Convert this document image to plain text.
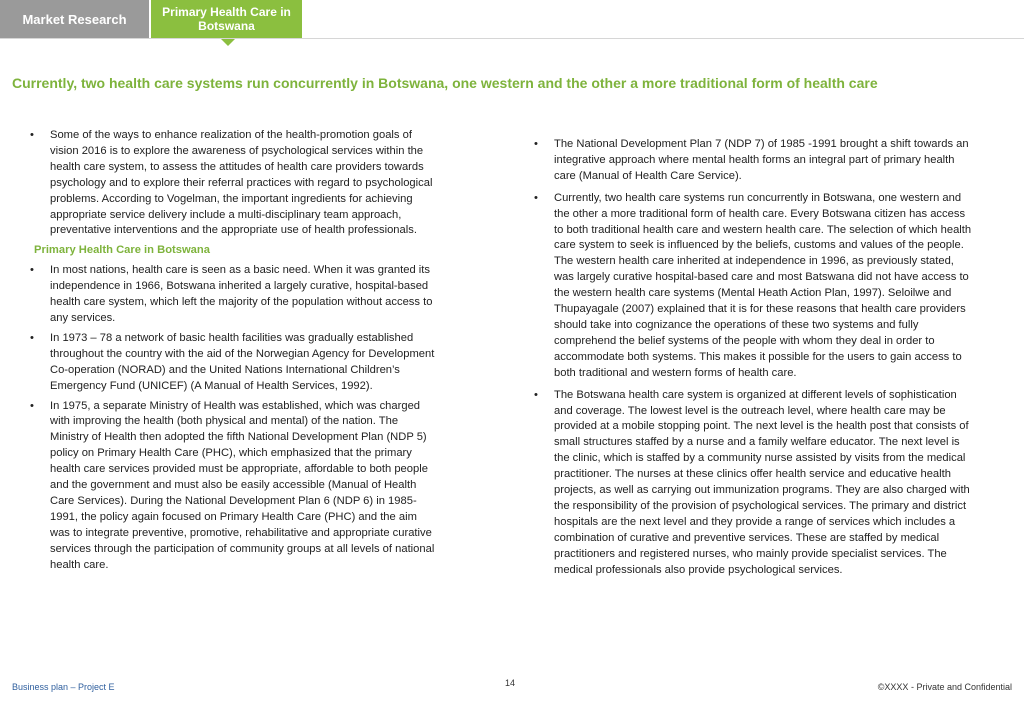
Market Research	Primary Health Care in Botswana
Currently, two health care systems run concurrently in Botswana, one western and the other a more traditional form of health care
•	Some of the ways to enhance realization of the health-promotion goals of vision 2016 is to explore the awareness of psychological services within the health care system, to assess the attitudes of health care providers towards psychology and to explore their referral practices with regard to psychological problems. According to Vogelman, the important ingredients for achieving appropriate service delivery include a multi-disciplinary team approach, preventative interventions and the appropriate use of health professionals.
Primary Health Care in Botswana
•	In most nations, health care is seen as a basic need. When it was granted its independence in 1966, Botswana inherited a largely curative, hospital-based health care system, which left the majority of the population without access to any services.
•	In 1973 – 78 a network of basic health facilities was gradually established throughout the country with the aid of the Norwegian Agency for Development Co-operation (NORAD) and the United Nations International Children’s Emergency Fund (UNICEF) (A Manual of Health Services, 1992).
•	In 1975, a separate Ministry of Health was established, which was charged with improving the health (both physical and mental) of the nation. The Ministry of Health then adopted the fifth National Development Plan (NDP 5) policy on Primary Health Care (PHC), which emphasized that the primary health care services provided must be appropriate, affordable to both people and the government and must also be easily accessible (Manual of Health Care Services). During the National Development Plan 6 (NDP 6) in 1985-1991, the policy again focused on Primary Health Care (PHC) and the aim was to integrate preventive, promotive, rehabilitative and appropriate curative services through the participation of community groups at all levels of national health care.
•	The National Development Plan 7 (NDP 7) of 1985 -1991 brought a shift towards an integrative approach where mental health forms an integral part of primary health care (Manual of Health Care Service).
•	Currently, two health care systems run concurrently in Botswana, one western and the other a more traditional form of health care. Every Botswana citizen has access to both traditional health care and western health care. The selection of which health care system to seek is influenced by the beliefs, customs and values of the people. The western health care inherited at independence in 1996, as previously stated, was largely curative hospital-based care and most Batswana did not have access to the western health care systems (Mental Heath Action Plan, 1997). Seloilwe and Thupayagale (2007) explained that it is for these reasons that health care providers should take into cognizance the operations of these two systems and fully comprehend the belief systems of the people with whom they deal in order to accommodate both systems. This makes it possible for the users to gain access to both traditional and western forms of health care.
•	The Botswana health care system is organized at different levels of sophistication and coverage. The lowest level is the outreach level, where health care may be provided at a mobile stopping point. The next level is the health post that consists of small structures staffed by a nurse and a family welfare educator. The next level is the clinic, which is staffed by a community nurse assisted by visits from the medical practitioner. The nurses at these clinics offer health service and educative health projects, as well as carrying out immunization programs. They are also charged with the responsibility of the provision of psychological services. The primary and district hospitals are the next level and they provide a range of services which includes a combination of curative and preventive services. These are staffed by medical practitioners and registered nurses, who mainly provide specialist services. The medical professionals also provide psychological services.
Business plan – Project E	14	©XXXX - Private and Confidential
